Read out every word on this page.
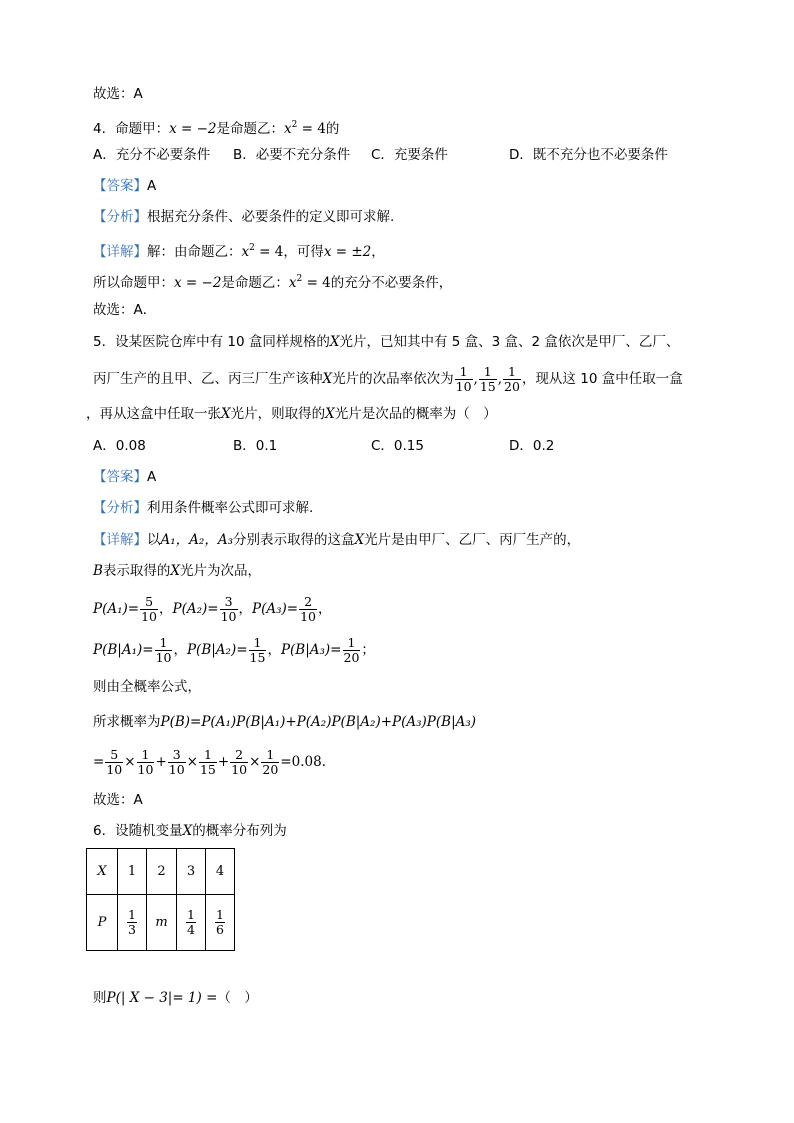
故选：A
4．命题甲：x = −2是命题乙：$x^2 = 4$的
A．充分不必要条件 B．必要不充分条件 C．充要条件	D．既不充分也不必要条件
【答案】A
【分析】根据充分条件、必要条件的定义即可求解.
【详解】解：由命题乙：$x^2 = 4$，可得x = ±2，
所以命题甲：x = −2是命题乙：$x^2 = 4$的充分不必要条件，
故选：A．
5．设某医院仓库中有 10 盒同样规格的X光片，已知其中有 5 盒、3 盒、2 盒依次是甲厂、乙厂、
丙厂生产的且甲、乙、丙三厂生产该种X光片的次品率依次为 $\frac{1}{10}$ , $\frac{1}{15}$ , $\frac{1}{20}$ ，现从这 10 盒中任取一盒
，再从这盒中任取一张X光片，则取得的X光片是次品的概率为（　）
A．0.08	B．0.1	C．0.15	D．0.2
【答案】A
【分析】利用条件概率公式即可求解.
【详解】以A₁，A₂，A₃分别表示取得的这盒X光片是由甲厂、乙厂、丙厂生产的，
B表示取得的X光片为次品，
$P(A_1)= \frac{5}{10}$ ，$P(A_2)= \frac{3}{10}$ ，$P(A_3)= \frac{2}{10}$ ，
$P(B|A_1)= \frac{1}{10}$ ，$P(B|A_2)= \frac{1}{15}$ ，$P(B|A_3)= \frac{1}{20}$ ；
则由全概率公式，
所求概率为P(B)=P(A₁)P(B|A₁)+P(A₂)P(B|A₂)+P(A₃)P(B|A₃)
= $\frac{5}{10} \times \frac{1}{10} + \frac{3}{10} \times \frac{1}{15} + \frac{2}{10} \times \frac{1}{20} =0.08$.
故选：A
6．设随机变量X的概率分布列为
X	1	2	3	4
P	$\frac{1}{3}$	m	$\frac{1}{4}$	$\frac{1}{6}$
则P(| X − 3|= 1) =（　）
